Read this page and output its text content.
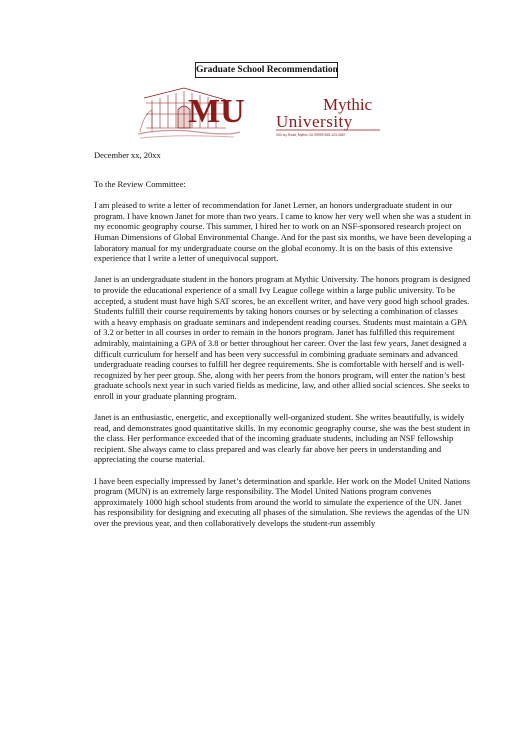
Graduate School Recommendation
MU	Mythic
University
253 Ivy Road, Mythic CA 99999 555-123-4567

December xx, 20xx

To the Review Committee:

I am pleased to write a letter of recommendation for Janet Lerner, an honors undergraduate student in our program. I have known Janet for more than two years. I came to know her very well when she was a student in my economic geography course. This summer, I hired her to work on an NSF-sponsored research project on Human Dimensions of Global Environmental Change. And for the past six months, we have been developing a laboratory manual for my undergraduate course on the global economy. It is on the basis of this extensive experience that I write a letter of unequivocal support.

Janet is an undergraduate student in the honors program at Mythic University. The honors program is designed to provide the educational experience of a small Ivy League college within a large public university. To be accepted, a student must have high SAT scores, be an excellent writer, and have very good high school grades. Students fulfill their course requirements by taking honors courses or by selecting a combination of classes with a heavy emphasis on graduate seminars and independent reading courses. Students must maintain a GPA of 3.2 or better in all courses in order to remain in the honors program. Janet has fulfilled this requirement admirably, maintaining a GPA of 3.8 or better throughout her career. Over the last few years, Janet designed a difficult curriculum for herself and has been very successful in combining graduate seminars and advanced undergraduate reading courses to fulfill her degree requirements. She is comfortable with herself and is well-recognized by her peer group. She, along with her peers from the honors program, will enter the nation’s best graduate schools next year in such varied fields as medicine, law, and other allied social sciences. She seeks to enroll in your graduate planning program.

Janet is an enthusiastic, energetic, and exceptionally well-organized student. She writes beautifully, is widely read, and demonstrates good quantitative skills. In my economic geography course, she was the best student in the class. Her performance exceeded that of the incoming graduate students, including an NSF fellowship recipient. She always came to class prepared and was clearly far above her peers in understanding and appreciating the course material.

I have been especially impressed by Janet’s determination and sparkle. Her work on the Model United Nations program (MUN) is an extremely large responsibility. The Model United Nations program convenes approximately 1000 high school students from around the world to simulate the experience of the UN. Janet has responsibility for designing and executing all phases of the simulation. She reviews the agendas of the UN over the previous year, and then collaboratively develops the student-run assembly
